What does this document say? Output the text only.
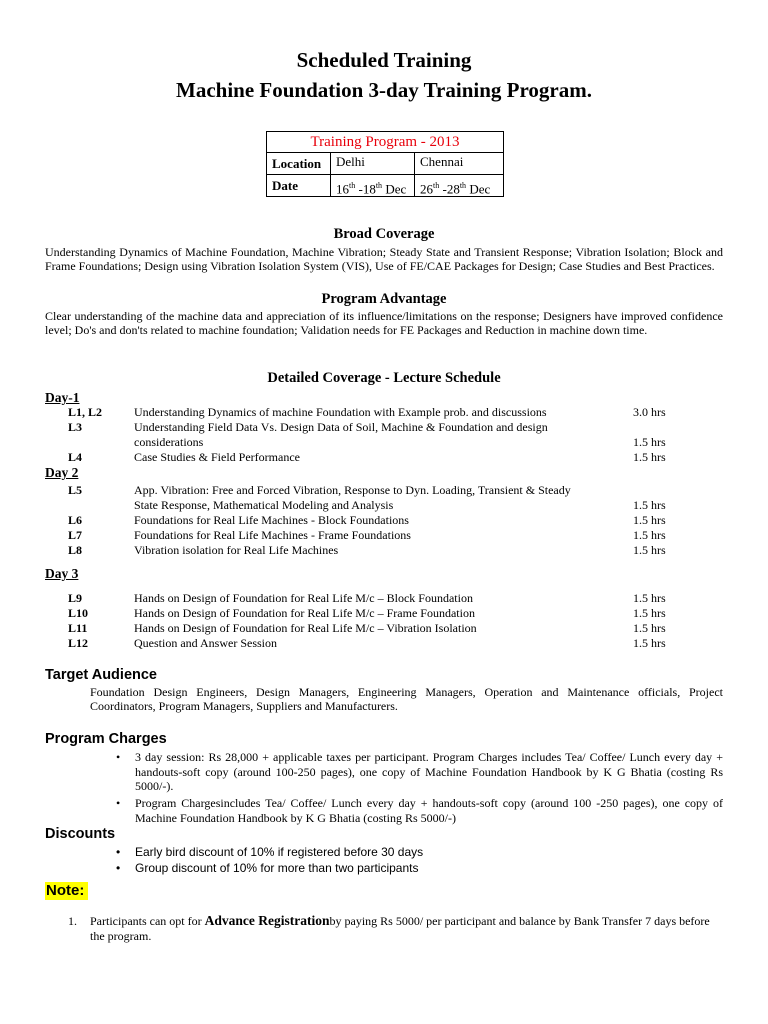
Scheduled Training
Machine Foundation 3-day Training Program.
Training Program - 2013
Location	Delhi	Chennai
Date	16th -18th Dec	26th -28th Dec
Broad Coverage
Understanding Dynamics of Machine Foundation, Machine Vibration; Steady State and Transient Response; Vibration Isolation; Block and Frame Foundations; Design using Vibration Isolation System (VIS), Use of FE/CAE Packages for Design; Case Studies and Best Practices.
Program Advantage
Clear understanding of the machine data and appreciation of its influence/limitations on the response; Designers have improved confidence level; Do's and don'ts related to machine foundation; Validation needs for FE Packages and Reduction in machine down time.
Detailed Coverage - Lecture Schedule
Day-1
L1, L2	Understanding Dynamics of machine Foundation with Example prob. and discussions	3.0 hrs
L3	Understanding Field Data Vs. Design Data of Soil, Machine & Foundation and design considerations	1.5 hrs
L4	Case Studies & Field Performance	1.5 hrs
Day 2
L5	App. Vibration: Free and Forced Vibration, Response to Dyn. Loading, Transient & Steady State Response, Mathematical Modeling and Analysis	1.5 hrs
L6	Foundations for Real Life Machines - Block Foundations	1.5 hrs
L7	Foundations for Real Life Machines - Frame Foundations	1.5 hrs
L8	Vibration isolation for Real Life Machines	1.5 hrs
Day 3
L9	Hands on Design of Foundation for Real Life M/c – Block Foundation	1.5 hrs
L10	Hands on Design of Foundation for Real Life M/c – Frame Foundation	1.5 hrs
L11	Hands on Design of Foundation for Real Life M/c – Vibration Isolation	1.5 hrs
L12	Question and Answer Session	1.5 hrs
Target Audience
Foundation Design Engineers, Design Managers, Engineering Managers, Operation and Maintenance officials, Project Coordinators, Program Managers, Suppliers and Manufacturers.
Program Charges
• 3 day session: Rs 28,000 + applicable taxes per participant. Program Charges includes Tea/ Coffee/ Lunch every day + handouts-soft copy (around 100-250 pages), one copy of Machine Foundation Handbook by K G Bhatia (costing Rs 5000/-).
• Program Chargesincludes Tea/ Coffee/ Lunch every day + handouts-soft copy (around 100 -250 pages), one copy of Machine Foundation Handbook by K G Bhatia (costing Rs 5000/-)
Discounts
• Early bird discount of 10% if registered before 30 days
• Group discount of 10% for more than two participants
Note:
1. Participants can opt for Advance Registrationby paying Rs 5000/ per participant and balance by Bank Transfer 7 days before the program.
